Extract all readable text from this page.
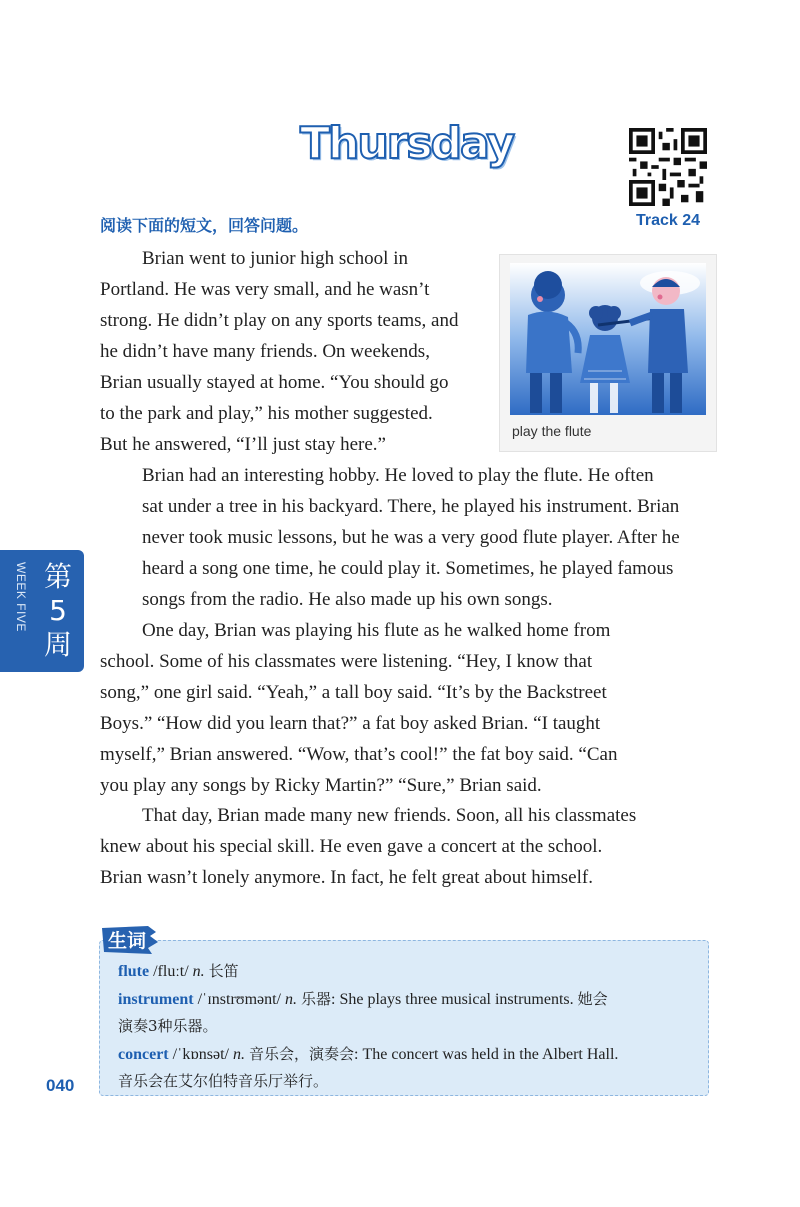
Thursday
Track 24
阅读下面的短文，回答问题。
Brian went to junior high school in
Portland. He was very small, and he wasn’t
strong. He didn’t play on any sports teams, and
he didn’t have many friends. On weekends,
Brian usually stayed at home. “You should go
to the park and play,” his mother suggested.
But he answered, “I’ll just stay here.”
play the flute
Brian had an interesting hobby. He loved to play the flute. He often
sat under a tree in his backyard. There, he played his instrument. Brian
never took music lessons, but he was a very good flute player. After he
heard a song one time, he could play it. Sometimes, he played famous
songs from the radio. He also made up his own songs.
第5周
WEEK FIVE	One day, Brian was playing his flute as he walked home from
school. Some of his classmates were listening. “Hey, I know that
song,” one girl said. “Yeah,” a tall boy said. “It’s by the Backstreet
Boys.” “How did you learn that?” a fat boy asked Brian. “I taught
myself,” Brian answered. “Wow, that’s cool!” the fat boy said. “Can
you play any songs by Ricky Martin?” “Sure,” Brian said.
That day, Brian made many new friends. Soon, all his classmates
knew about his special skill. He even gave a concert at the school.
Brian wasn’t lonely anymore. In fact, he felt great about himself.
生词
flute /fluːt/ n. 长笛
instrument /ˈɪnstrʊmənt/ n. 乐器: She plays three musical instruments. 她会
演奏3种乐器。
concert /ˈkɒnsət/ n. 音乐会，演奏会: The concert was held in the Albert Hall.
音乐会在艾尔伯特音乐厅举行。
040
